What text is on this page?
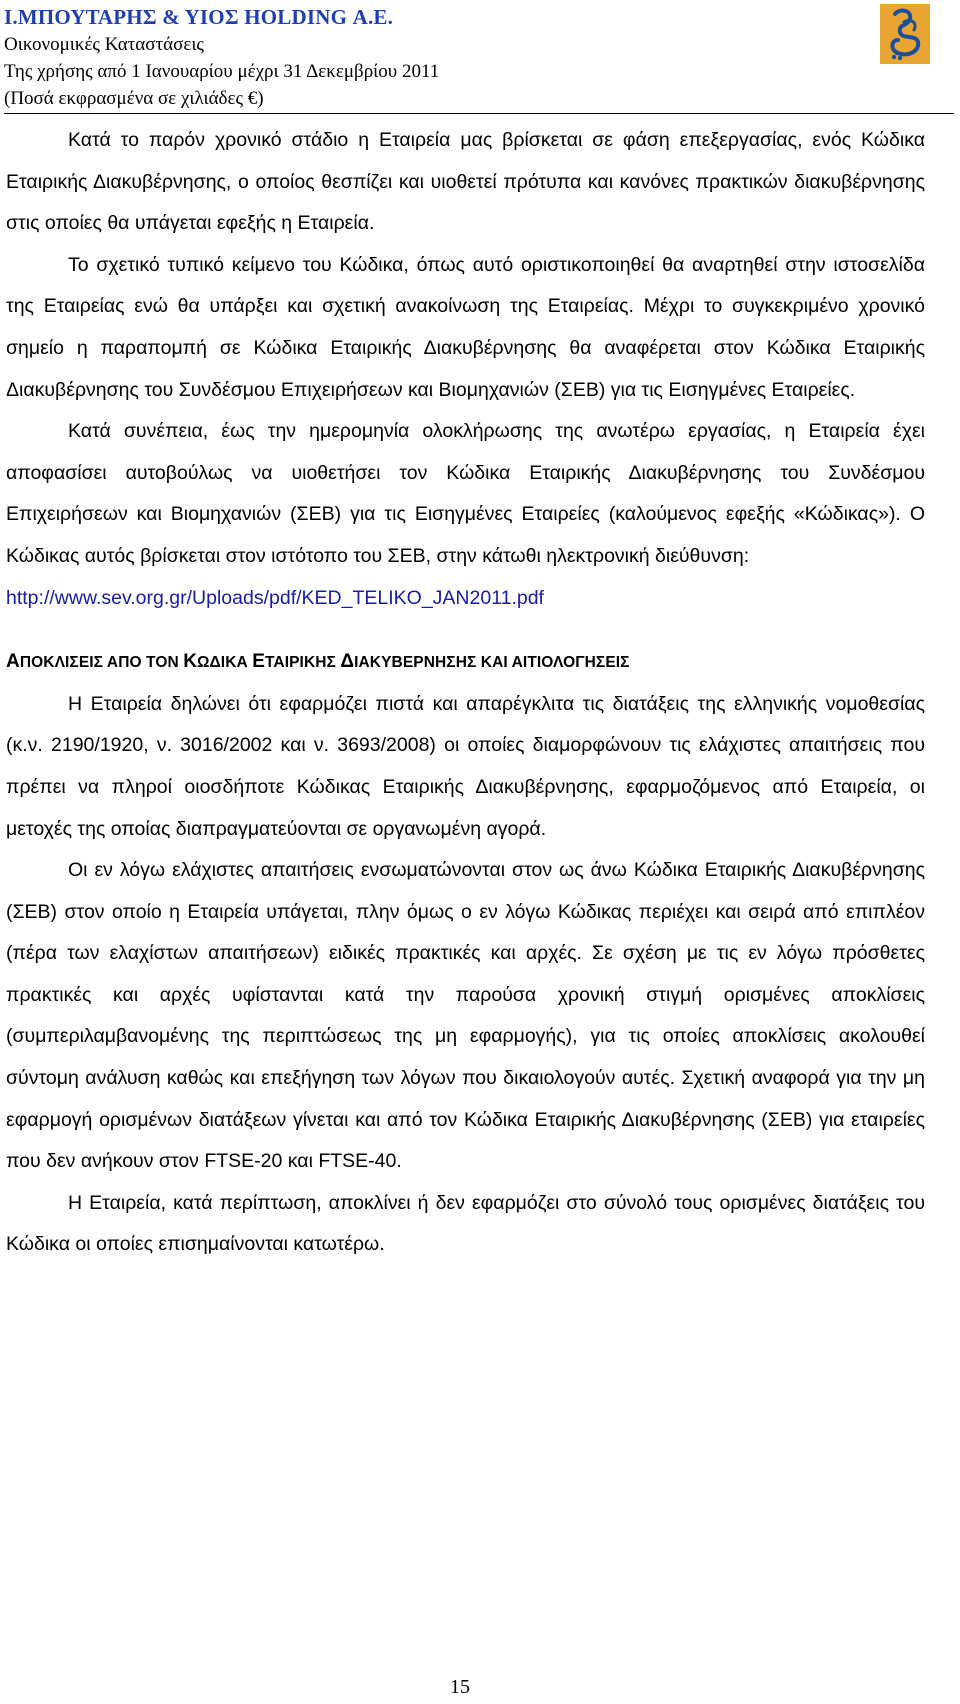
Ι.ΜΠΟΥΤΑΡΗΣ & ΥΙΟΣ HOLDING Α.Ε.
Οικονομικές Καταστάσεις
Της χρήσης από 1 Ιανουαρίου μέχρι 31 Δεκεμβρίου 2011
(Ποσά εκφρασμένα σε χιλιάδες €)

Κατά το παρόν χρονικό στάδιο η Εταιρεία μας βρίσκεται σε φάση επεξεργασίας, ενός Κώδικα Εταιρικής Διακυβέρνησης, ο οποίος θεσπίζει και υιοθετεί πρότυπα και κανόνες πρακτικών διακυβέρνησης στις οποίες θα υπάγεται εφεξής η Εταιρεία.

Το σχετικό τυπικό κείμενο του Κώδικα, όπως αυτό οριστικοποιηθεί θα αναρτηθεί στην ιστοσελίδα της Εταιρείας ενώ θα υπάρξει και σχετική ανακοίνωση της Εταιρείας. Μέχρι το συγκεκριμένο χρονικό σημείο η παραπομπή σε Κώδικα Εταιρικής Διακυβέρνησης θα αναφέρεται στον Κώδικα Εταιρικής Διακυβέρνησης του Συνδέσμου Επιχειρήσεων και Βιομηχανιών (ΣΕΒ) για τις Εισηγμένες Εταιρείες.

Κατά συνέπεια, έως την ημερομηνία ολοκλήρωσης της ανωτέρω εργασίας, η Εταιρεία έχει αποφασίσει αυτοβούλως να υιοθετήσει τον Κώδικα Εταιρικής Διακυβέρνησης του Συνδέσμου Επιχειρήσεων και Βιομηχανιών (ΣΕΒ) για τις Εισηγμένες Εταιρείες (καλούμενος εφεξής «Κώδικας»). Ο Κώδικας αυτός βρίσκεται στον ιστότοπο του ΣΕΒ, στην κάτωθι ηλεκτρονική διεύθυνση:

http://www.sev.org.gr/Uploads/pdf/KED_TELIKO_JAN2011.pdf

ΑΠΟΚΛΙΣΕΙΣ ΑΠΟ ΤΟΝ ΚΩΔΙΚΑ ΕΤΑΙΡΙΚΗΣ ΔΙΑΚΥΒΕΡΝΗΣΗΣ ΚΑΙ ΑΙΤΙΟΛΟΓΗΣΕΙΣ

Η Εταιρεία δηλώνει ότι εφαρμόζει πιστά και απαρέγκλιτα τις διατάξεις της ελληνικής νομοθεσίας (κ.ν. 2190/1920, ν. 3016/2002 και ν. 3693/2008) οι οποίες διαμορφώνουν τις ελάχιστες απαιτήσεις που πρέπει να πληροί οιοσδήποτε Κώδικας Εταιρικής Διακυβέρνησης, εφαρμοζόμενος από Εταιρεία, οι μετοχές της οποίας διαπραγματεύονται σε οργανωμένη αγορά.

Οι εν λόγω ελάχιστες απαιτήσεις ενσωματώνονται στον ως άνω Κώδικα Εταιρικής Διακυβέρνησης (ΣΕΒ) στον οποίο η Εταιρεία υπάγεται, πλην όμως ο εν λόγω Κώδικας περιέχει και σειρά από επιπλέον (πέρα των ελαχίστων απαιτήσεων) ειδικές πρακτικές και αρχές. Σε σχέση με τις εν λόγω πρόσθετες πρακτικές και αρχές υφίστανται κατά την παρούσα χρονική στιγμή ορισμένες αποκλίσεις (συμπεριλαμβανομένης της περιπτώσεως της μη εφαρμογής), για τις οποίες αποκλίσεις ακολουθεί σύντομη ανάλυση καθώς και επεξήγηση των λόγων που δικαιολογούν αυτές. Σχετική αναφορά για την μη εφαρμογή ορισμένων διατάξεων γίνεται και από τον Κώδικα Εταιρικής Διακυβέρνησης (ΣΕΒ) για εταιρείες που δεν ανήκουν στον FTSE-20 και FTSE-40.

Η Εταιρεία, κατά περίπτωση, αποκλίνει ή δεν εφαρμόζει στο σύνολό τους ορισμένες διατάξεις του Κώδικα οι οποίες επισημαίνονται κατωτέρω.

15
